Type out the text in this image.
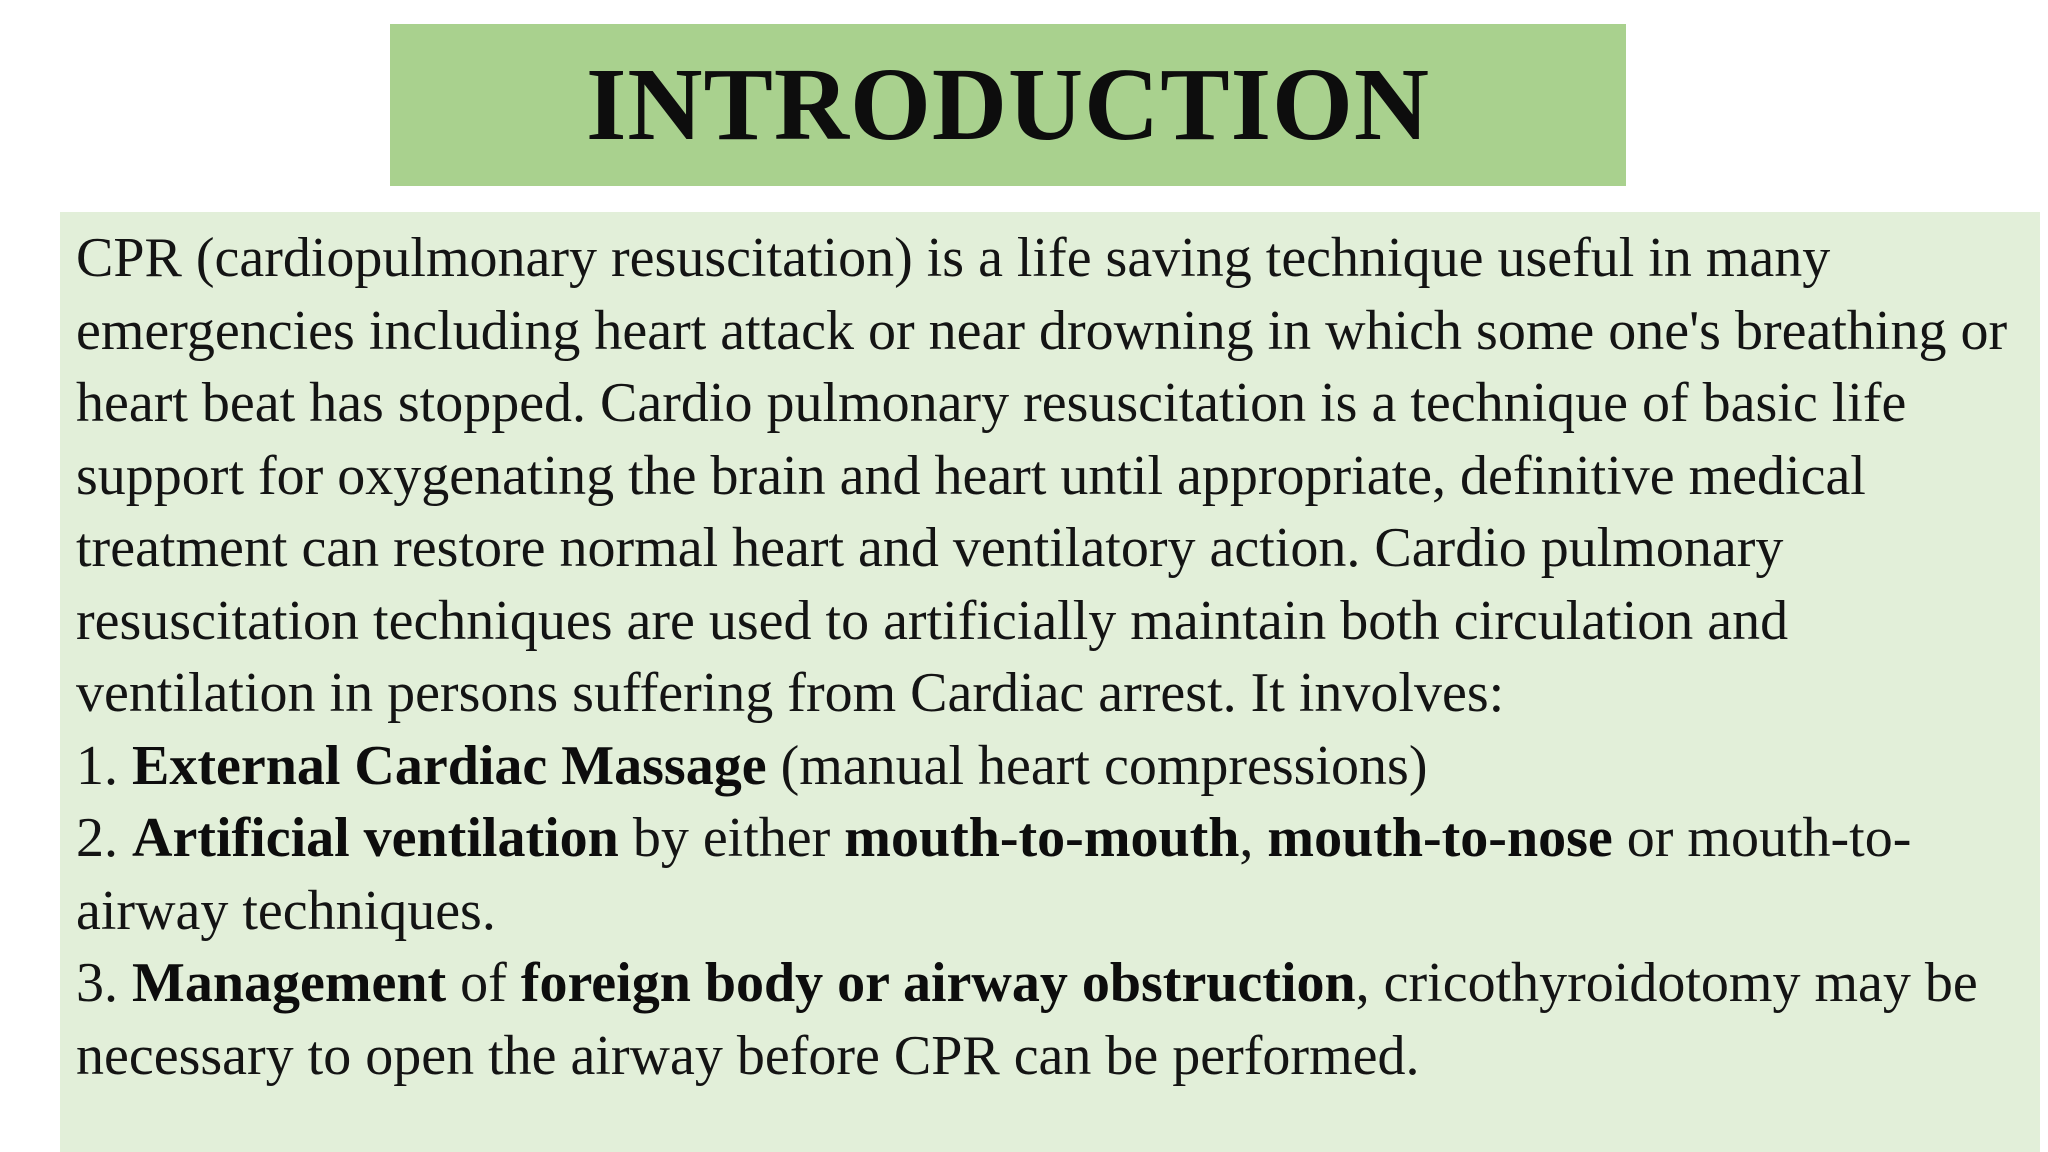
INTRODUCTION

CPR (cardiopulmonary resuscitation) is a life saving technique useful in many emergencies including heart attack or near drowning in which some one's breathing or heart beat has stopped. Cardio pulmonary resuscitation is a technique of basic life support for oxygenating the brain and heart until appropriate, definitive medical treatment can restore normal heart and ventilatory action. Cardio pulmonary resuscitation techniques are used to artificially maintain both circulation and ventilation in persons suffering from Cardiac arrest. It involves:

1. External Cardiac Massage (manual heart compressions)

2. Artificial ventilation by either mouth-to-mouth, mouth-to-nose or mouth-to-airway techniques.

3. Management of foreign body or airway obstruction, cricothyroidotomy may be necessary to open the airway before CPR can be performed.
